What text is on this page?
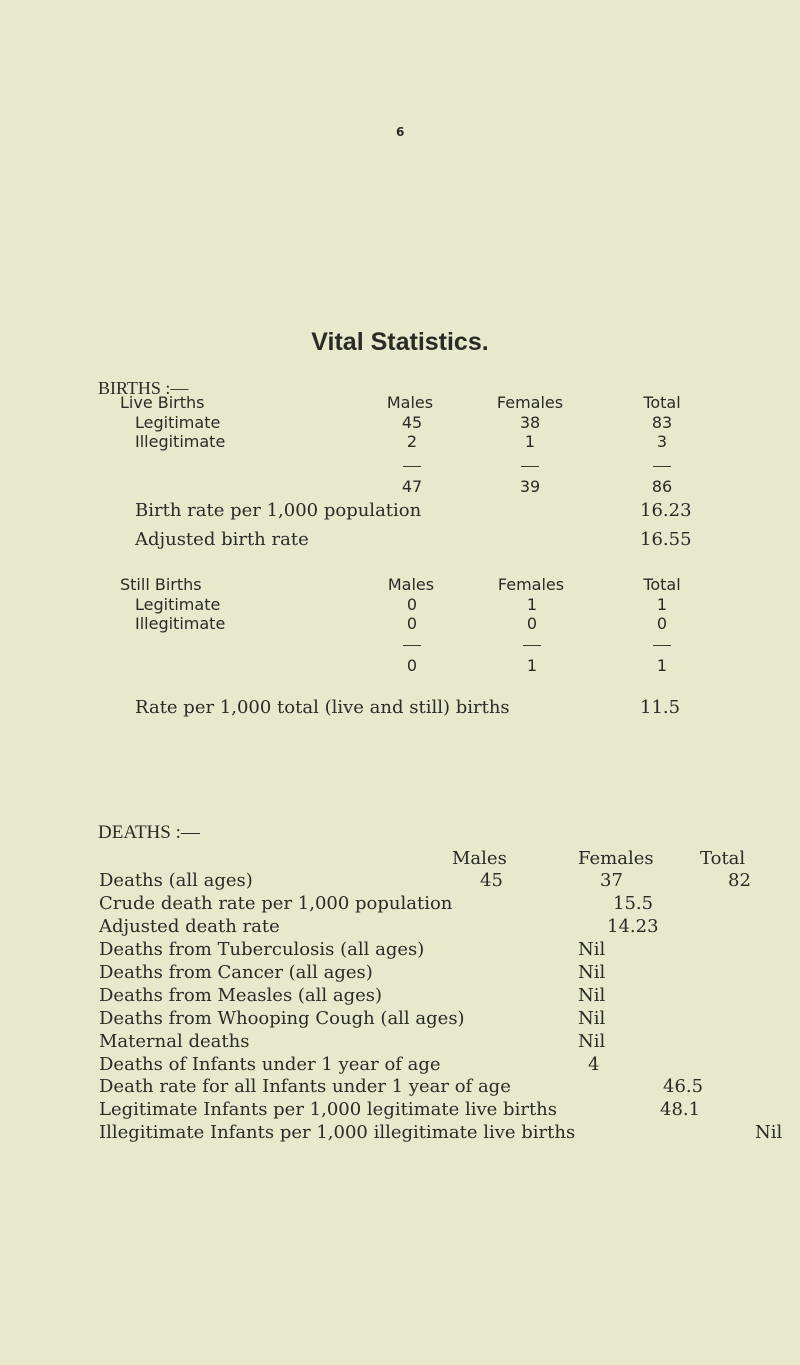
6
Vital Statistics.
BIRTHS :—
Live Births	Males	Females	Total
Legitimate	45	38	83
Illegitimate	2	1	3
47	39	86
Birth rate per 1,000 population	16.23
Adjusted birth rate	16.55
Still Births	Males	Females	Total
Legitimate	0	1	1
Illegitimate	0	0	0
0	1	1
Rate per 1,000 total (live and still) births	11.5
DEATHS :—
Males	Females	Total
Deaths (all ages)	45	37	82
Crude death rate per 1,000 population	15.5
Adjusted death rate	14.23
Deaths from Tuberculosis (all ages)	Nil
Deaths from Cancer (all ages)	Nil
Deaths from Measles (all ages)	Nil
Deaths from Whooping Cough (all ages)	Nil
Maternal deaths	Nil
Deaths of Infants under 1 year of age	4
Death rate for all Infants under 1 year of age	46.5
Legitimate Infants per 1,000 legitimate live births	48.1
Illegitimate Infants per 1,000 illegitimate live births	Nil
